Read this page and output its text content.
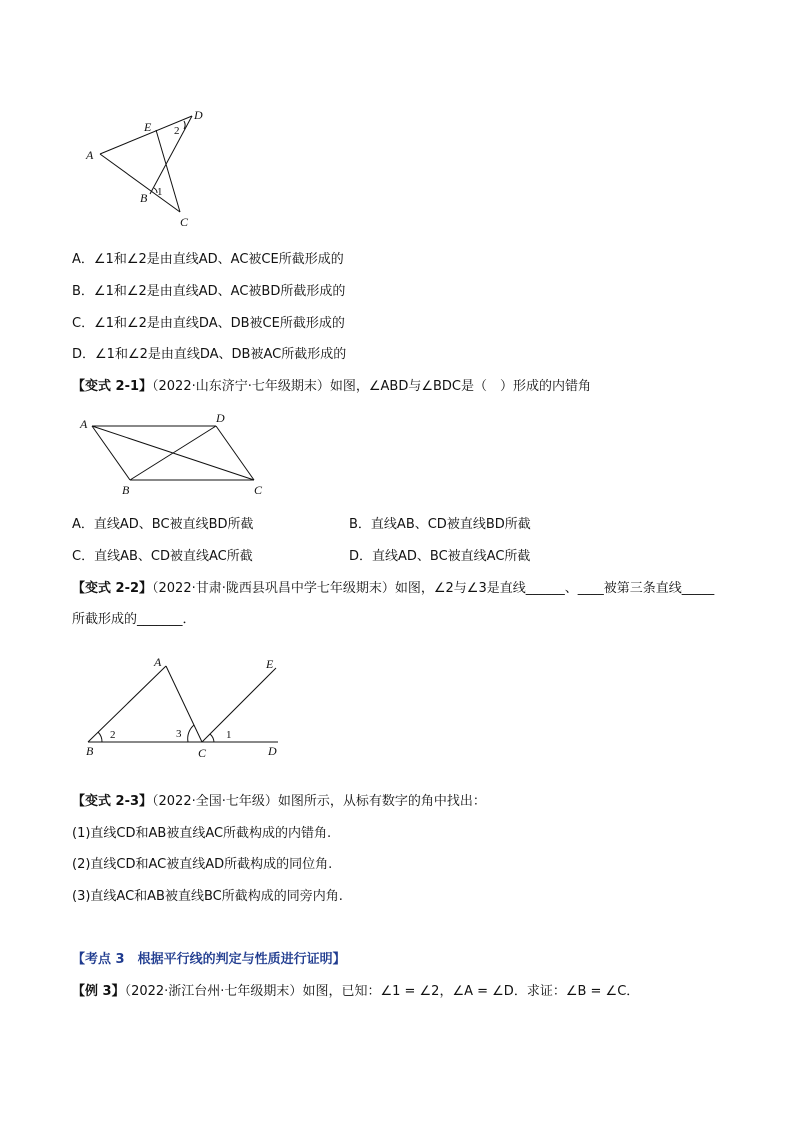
A
E
D
2
1
B
C
A．∠1和∠2是由直线AD、AC被CE所截形成的
B．∠1和∠2是由直线AD、AC被BD所截形成的
C．∠1和∠2是由直线DA、DB被CE所截形成的
D．∠1和∠2是由直线DA、DB被AC所截形成的
【变式 2-1】（2022·山东济宁·七年级期末）如图，∠ABD与∠BDC是（　）形成的内错角
A	D
B	C
A．直线AD、BC被直线BD所截	B．直线AB、CD被直线BD所截
C．直线AB、CD被直线AC所截	D．直线AD、BC被直线AC所截
【变式 2-2】（2022·甘肃·陇西县巩昌中学七年级期末）如图，∠2与∠3是直线______、____被第三条直线_____
所截形成的_______．
A	E
2	3	1
B	C	D
【变式 2-3】（2022·全国·七年级）如图所示，从标有数字的角中找出：
(1)直线CD和AB被直线AC所截构成的内错角.
(2)直线CD和AC被直线AD所截构成的同位角.
(3)直线AC和AB被直线BC所截构成的同旁内角.
【考点 3　根据平行线的判定与性质进行证明】
【例 3】（2022·浙江台州·七年级期末）如图，已知：∠1 = ∠2，∠A = ∠D．求证：∠B = ∠C．
